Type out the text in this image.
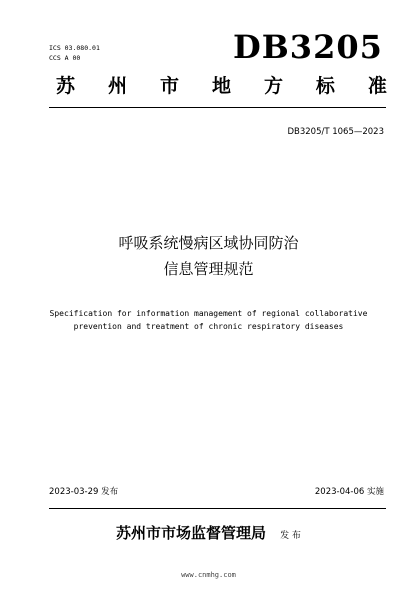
ICS 03.080.01
CCS A 00	DB3205
苏 州 市 地 方 标 准
DB3205/T 1065—2023
呼吸系统慢病区域协同防治
信息管理规范
Specification for information management of regional collaborative
prevention and treatment of chronic respiratory diseases
2023-03-29 发布	2023-04-06 实施
苏州市市场监督管理局 发 布
www.cnmhg.com
